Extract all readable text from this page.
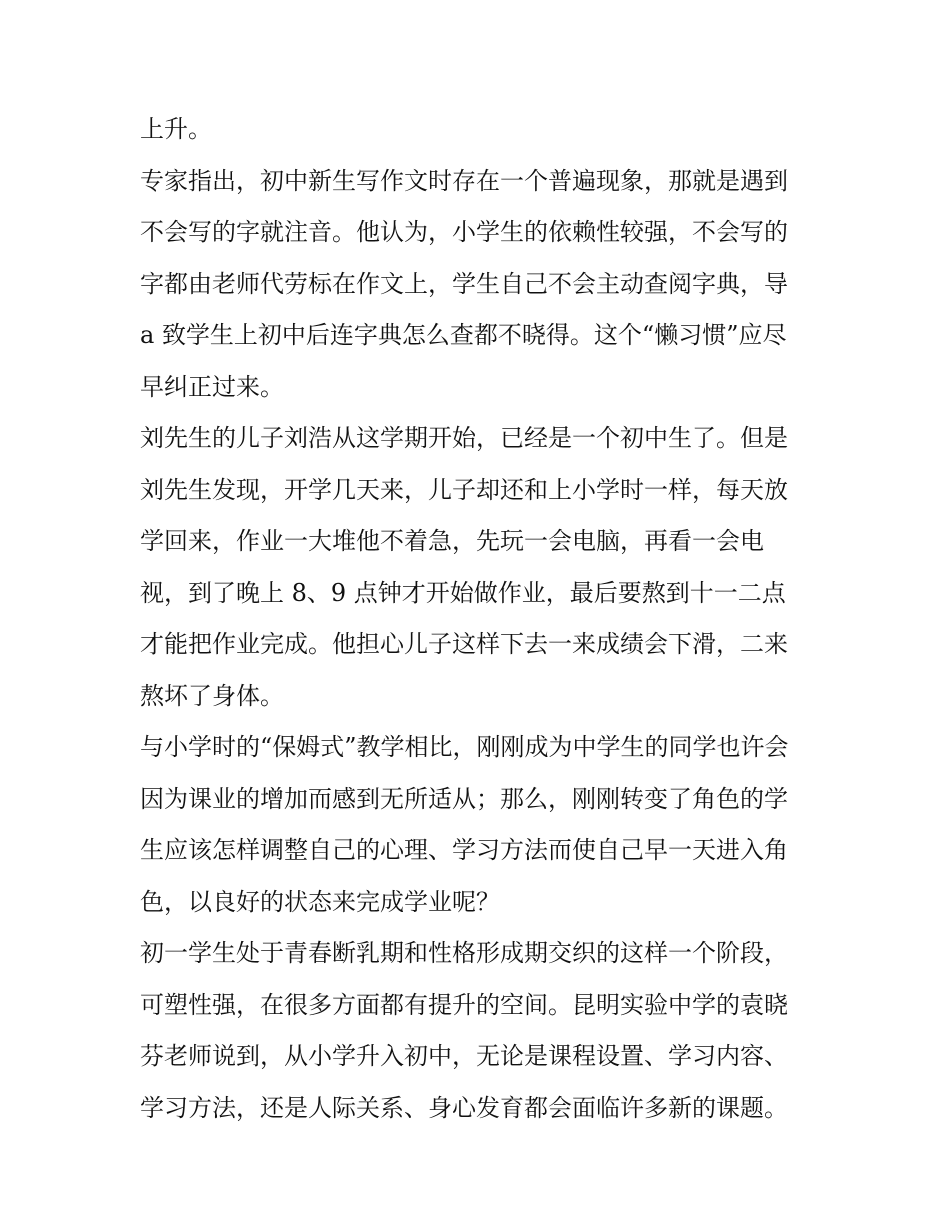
上升。
专家指出，初中新生写作文时存在一个普遍现象，那就是遇到
不会写的字就注音。他认为，小学生的依赖性较强，不会写的
字都由老师代劳标在作文上，学生自己不会主动查阅字典，导
a 致学生上初中后连字典怎么查都不晓得。这个“懒习惯”应尽
早纠正过来。
刘先生的儿子刘浩从这学期开始，已经是一个初中生了。但是
刘先生发现，开学几天来，儿子却还和上小学时一样，每天放
学回来，作业一大堆他不着急，先玩一会电脑，再看一会电
视，到了晚上 8、9 点钟才开始做作业，最后要熬到十一二点
才能把作业完成。他担心儿子这样下去一来成绩会下滑，二来
熬坏了身体。
与小学时的“保姆式”教学相比，刚刚成为中学生的同学也许会
因为课业的增加而感到无所适从；那么，刚刚转变了角色的学
生应该怎样调整自己的心理、学习方法而使自己早一天进入角
色，以良好的状态来完成学业呢？
初一学生处于青春断乳期和性格形成期交织的这样一个阶段，
可塑性强，在很多方面都有提升的空间。昆明实验中学的袁晓
芬老师说到，从小学升入初中，无论是课程设置、学习内容、
学习方法，还是人际关系、身心发育都会面临许多新的课题。
